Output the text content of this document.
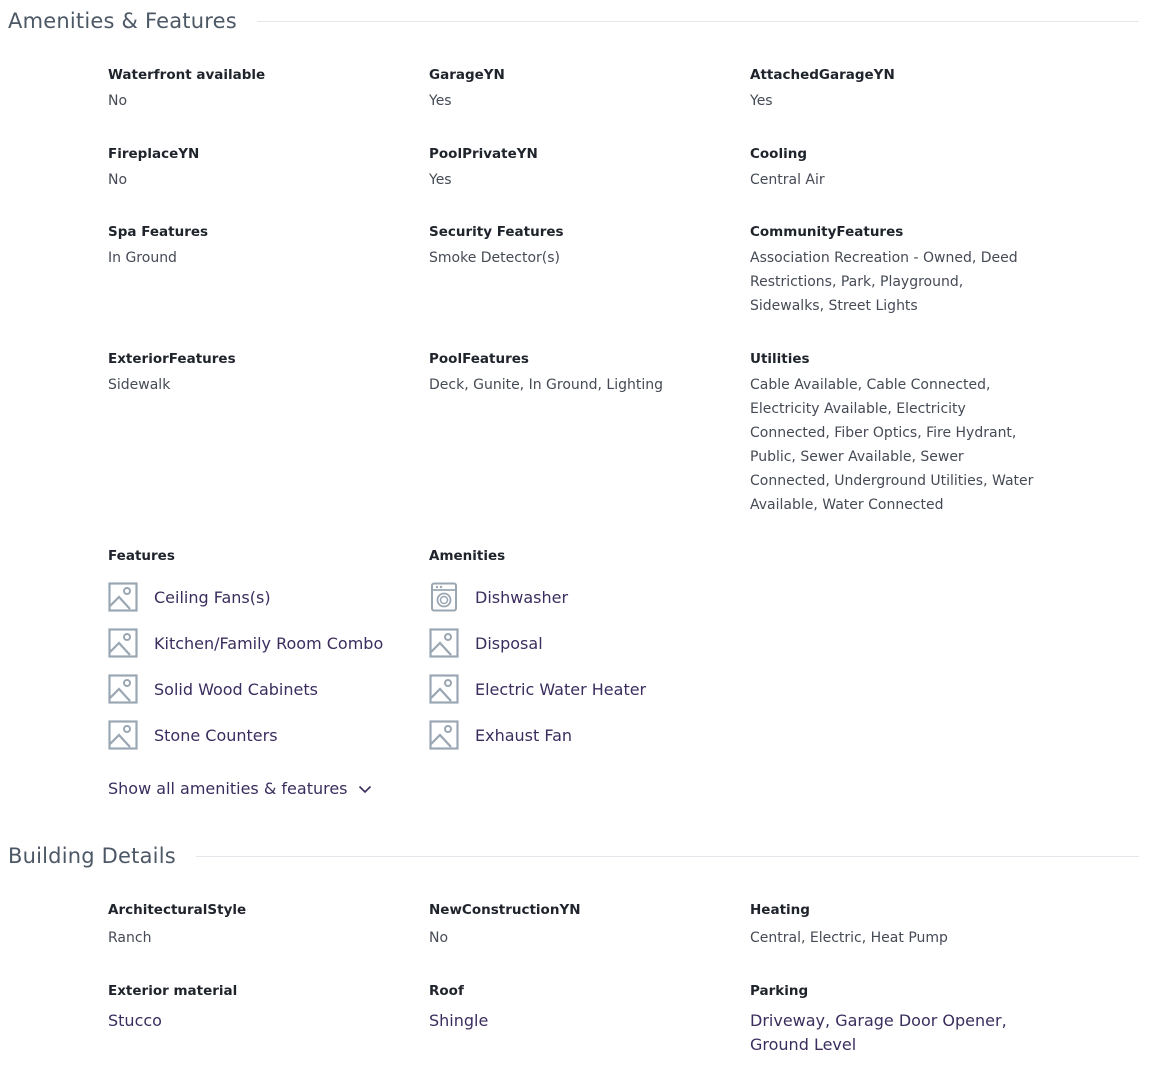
Amenities & Features
Waterfront available
No
GarageYN
Yes
AttachedGarageYN
Yes
FireplaceYN
No
PoolPrivateYN
Yes
Cooling
Central Air
Spa Features
In Ground
Security Features
Smoke Detector(s)
CommunityFeatures
Association Recreation - Owned, Deed Restrictions, Park, Playground, Sidewalks, Street Lights
ExteriorFeatures
Sidewalk
PoolFeatures
Deck, Gunite, In Ground, Lighting
Utilities
Cable Available, Cable Connected, Electricity Available, Electricity Connected, Fiber Optics, Fire Hydrant, Public, Sewer Available, Sewer Connected, Underground Utilities, Water Available, Water Connected
Features
Ceiling Fans(s)
Kitchen/Family Room Combo
Solid Wood Cabinets
Stone Counters
Amenities
Dishwasher
Disposal
Electric Water Heater
Exhaust Fan
Show all amenities & features
Building Details
ArchitecturalStyle
Ranch
NewConstructionYN
No
Heating
Central, Electric, Heat Pump
Exterior material
Stucco
Roof
Shingle
Parking
Driveway, Garage Door Opener, Ground Level
